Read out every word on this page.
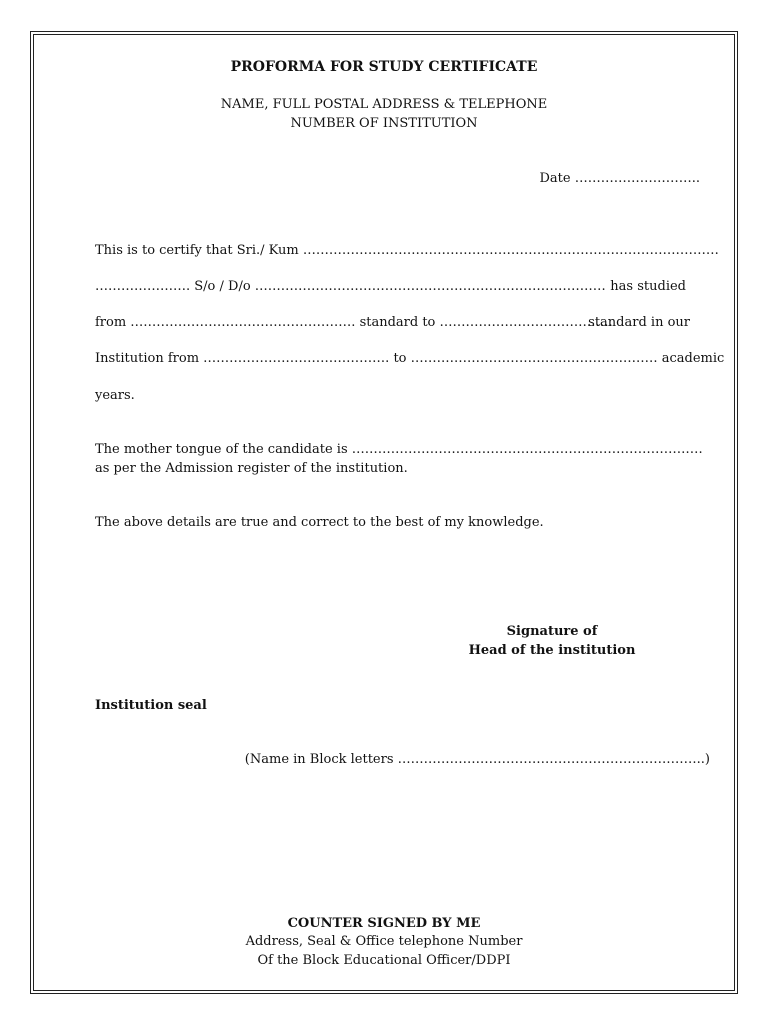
PROFORMA FOR STUDY CERTIFICATE
NAME, FULL POSTAL ADDRESS & TELEPHONE
NUMBER OF INSTITUTION
Date ………………………..
This is to certify that Sri./ Kum ……………………………………………………………………………………
…………………. S/o / D/o ……………………………………………………………………… has studied
from ……………………………………………. standard to ………………………………….
standard in our
Institution from ……………………………………. to ………………………………………………… academic
years.
The mother tongue of the candidate is ………………………………………………………………………
as per the Admission register of the institution.
The above details are true and correct to the best of my knowledge.
Signature of
Head of the institution
Institution seal
(Name in Block letters ……………………………………………………………..)
COUNTER SIGNED BY ME
Address, Seal & Office telephone Number
Of the Block Educational Officer/DDPI
